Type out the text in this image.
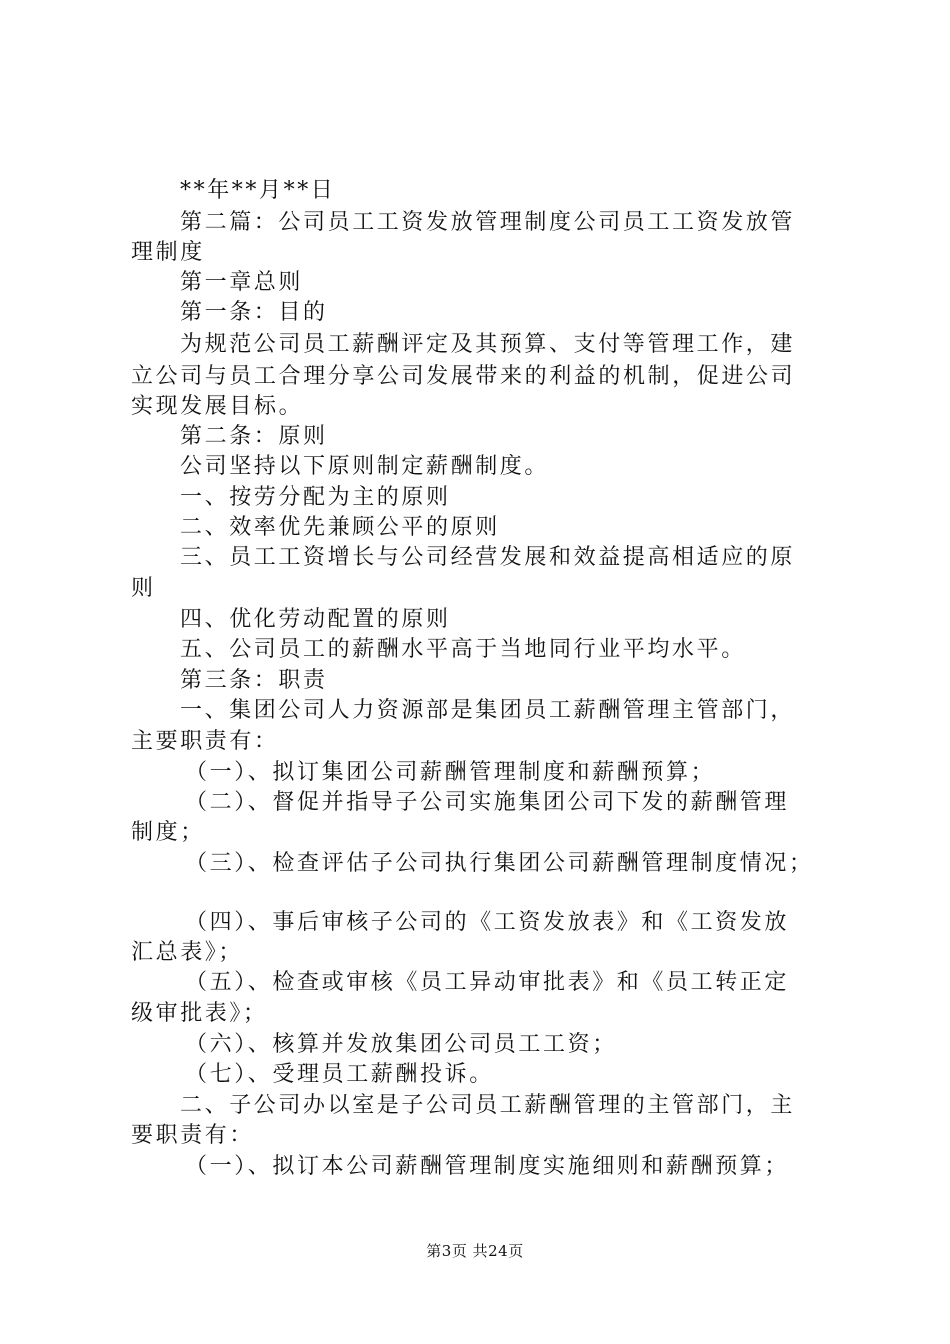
**年**月**日
第二篇：公司员工工资发放管理制度公司员工工资发放管
理制度
第一章总则
第一条：目的
为规范公司员工薪酬评定及其预算、支付等管理工作，建
立公司与员工合理分享公司发展带来的利益的机制，促进公司
实现发展目标。
第二条：原则
公司坚持以下原则制定薪酬制度。
一、按劳分配为主的原则
二、效率优先兼顾公平的原则
三、员工工资增长与公司经营发展和效益提高相适应的原
则
四、优化劳动配置的原则
五、公司员工的薪酬水平高于当地同行业平均水平。
第三条：职责
一、集团公司人力资源部是集团员工薪酬管理主管部门，
主要职责有：
（一）、拟订集团公司薪酬管理制度和薪酬预算；
（二）、督促并指导子公司实施集团公司下发的薪酬管理
制度；
（三）、检查评估子公司执行集团公司薪酬管理制度情况；
（四）、事后审核子公司的《工资发放表》和《工资发放
汇总表》；
（五）、检查或审核《员工异动审批表》和《员工转正定
级审批表》；
（六）、核算并发放集团公司员工工资；
（七）、受理员工薪酬投诉。
二、子公司办以室是子公司员工薪酬管理的主管部门，主
要职责有：
（一）、拟订本公司薪酬管理制度实施细则和薪酬预算；
第3页 共24页
